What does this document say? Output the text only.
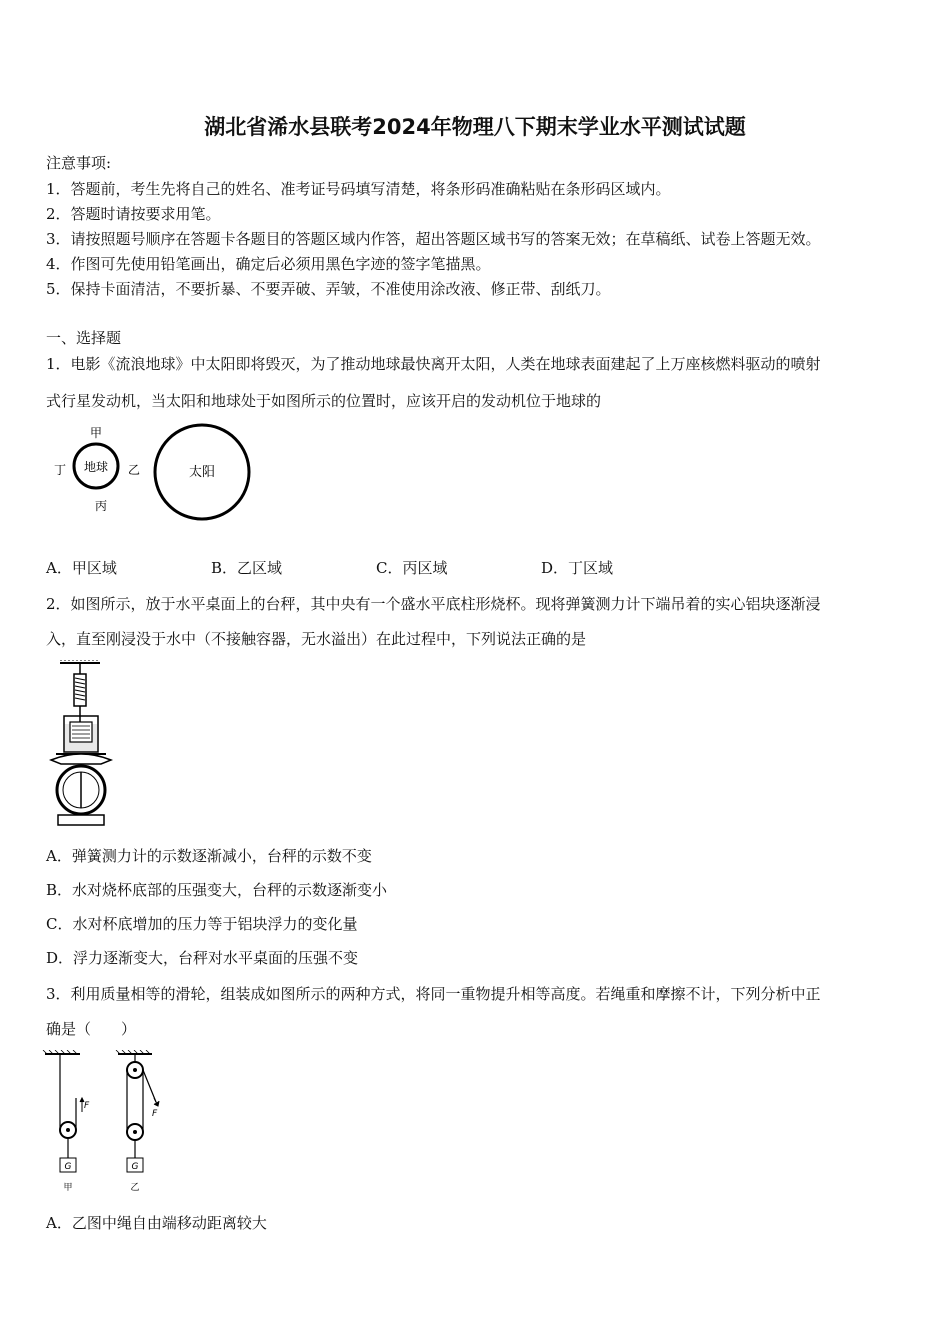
湖北省浠水县联考2024年物理八下期末学业水平测试试题
注意事项:
1．答题前，考生先将自己的姓名、准考证号码填写清楚，将条形码准确粘贴在条形码区域内。
2．答题时请按要求用笔。
3．请按照题号顺序在答题卡各题目的答题区域内作答，超出答题区域书写的答案无效；在草稿纸、试卷上答题无效。
4．作图可先使用铅笔画出，确定后必须用黑色字迹的签字笔描黑。
5．保持卡面清洁，不要折暴、不要弄破、弄皱，不准使用涂改液、修正带、刮纸刀。
一、选择题
1．电影《流浪地球》中太阳即将毁灭，为了推动地球最快离开太阳，人类在地球表面建起了上万座核燃料驱动的喷射
式行星发动机，当太阳和地球处于如图所示的位置时，应该开启的发动机位于地球的
地球
甲
乙
丙
丁	太阳
A．甲区域	B．乙区域	C．丙区域	D．丁区域
2．如图所示，放于水平桌面上的台秤，其中央有一个盛水平底柱形烧杯。现将弹簧测力计下端吊着的实心铝块逐渐浸
入，直至刚浸没于水中（不接触容器，无水溢出）在此过程中，下列说法正确的是
A．弹簧测力计的示数逐渐减小，台秤的示数不变
B．水对烧杯底部的压强变大，台秤的示数逐渐变小
C．水对杯底增加的压力等于铝块浮力的变化量
D．浮力逐渐变大，台秤对水平桌面的压强不变
3．利用质量相等的滑轮，组装成如图所示的两种方式，将同一重物提升相等高度。若绳重和摩擦不计，下列分析中正
确是（　　）
F
G
甲
F
G
乙
A．乙图中绳自由端移动距离较大
